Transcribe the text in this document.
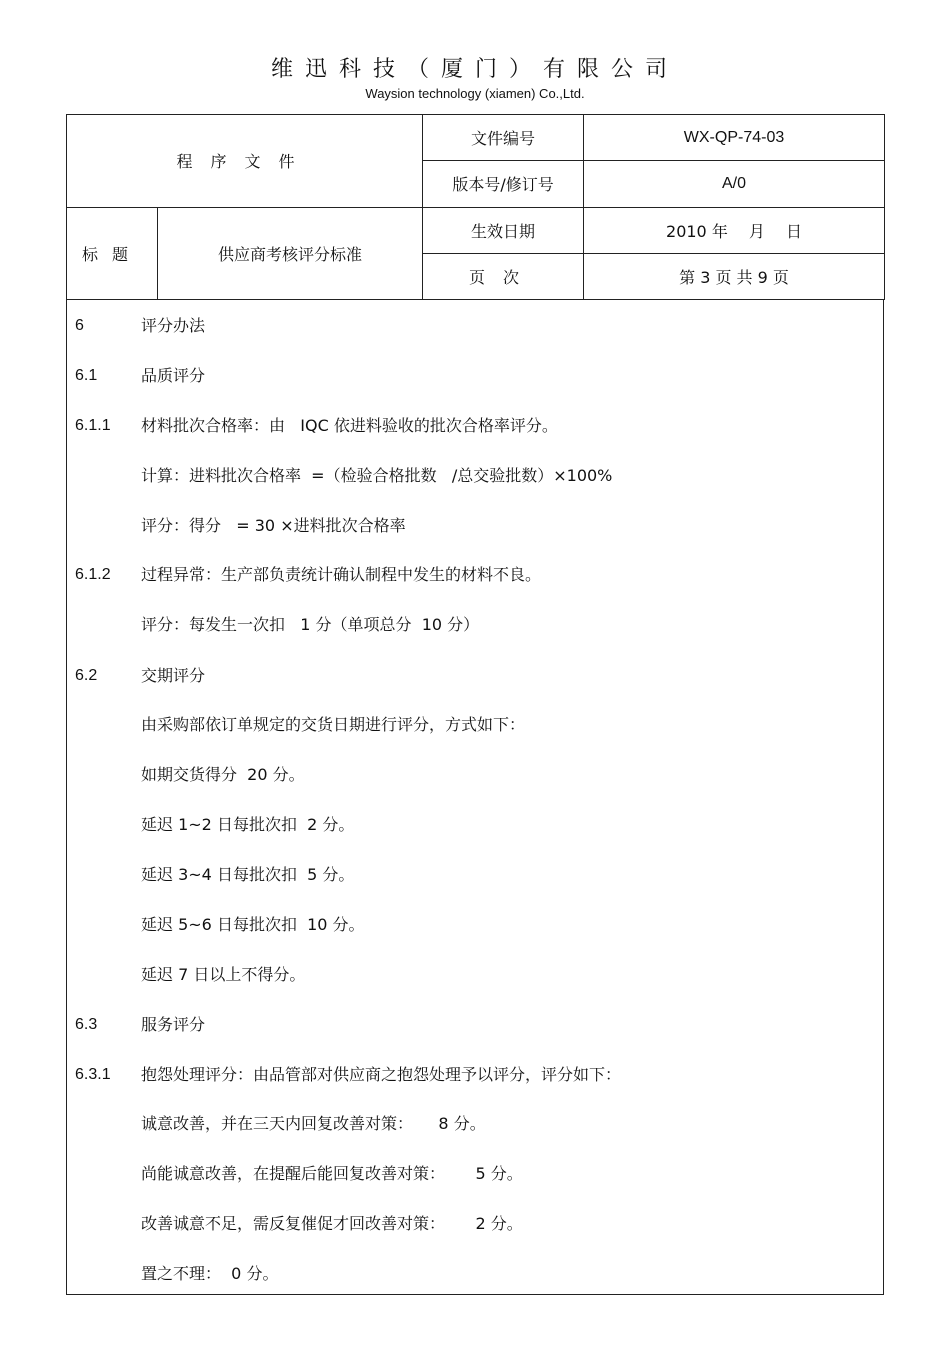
维迅科技（厦门）有限公司
Waysion technology (xiamen) Co.,Ltd.
程序文件		文件编号	WX-QP-74-03
		版本号/修订号	A/0
标题	供应商考核评分标准	生效日期	2010 年　 月　 日
		页次	第 3 页 共 9 页
6	评分办法
6.1	品质评分
6.1.1	材料批次合格率：由   IQC 依进料验收的批次合格率评分。
计算：进料批次合格率  =（检验合格批数   /总交验批数）×100%
评分：得分   = 30 ×进料批次合格率
6.1.2	过程异常：生产部负责统计确认制程中发生的材料不良。
评分：每发生一次扣   1 分（单项总分  10 分）
6.2	交期评分
由采购部依订单规定的交货日期进行评分，方式如下：
如期交货得分  20 分。
延迟 1~2 日每批次扣  2 分。
延迟 3~4 日每批次扣  5 分。
延迟 5~6 日每批次扣  10 分。
延迟 7 日以上不得分。
6.3	服务评分
6.3.1	抱怨处理评分：由品管部对供应商之抱怨处理予以评分，评分如下：
诚意改善，并在三天内回复改善对策：     8 分。
尚能诚意改善，在提醒后能回复改善对策：      5 分。
改善诚意不足，需反复催促才回改善对策：      2 分。
置之不理：  0 分。
